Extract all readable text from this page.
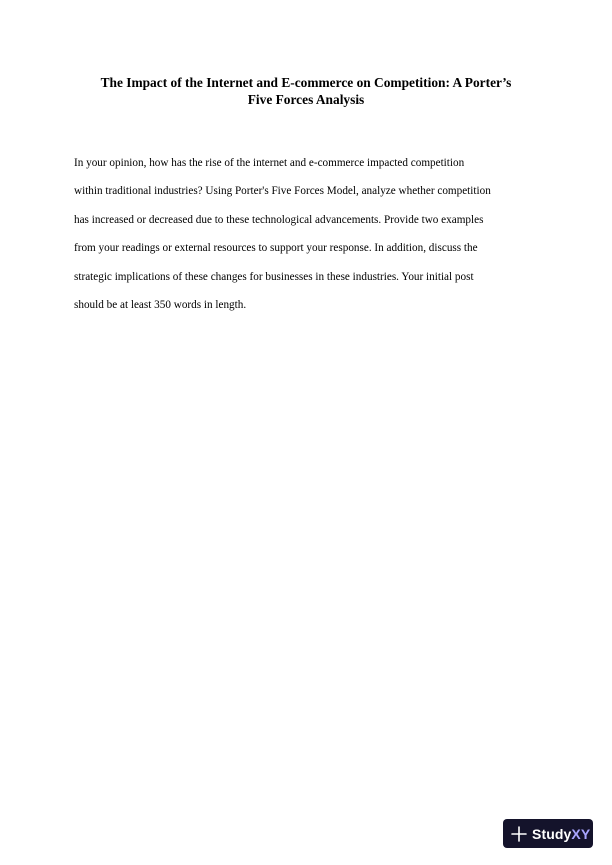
The Impact of the Internet and E-commerce on Competition: A Porter’s
Five Forces Analysis
In your opinion, how has the rise of the internet and e-commerce impacted competition
within traditional industries? Using Porter's Five Forces Model, analyze whether competition
has increased or decreased due to these technological advancements. Provide two examples
from your readings or external resources to support your response. In addition, discuss the
strategic implications of these changes for businesses in these industries. Your initial post
should be at least 350 words in length.
StudyXY
